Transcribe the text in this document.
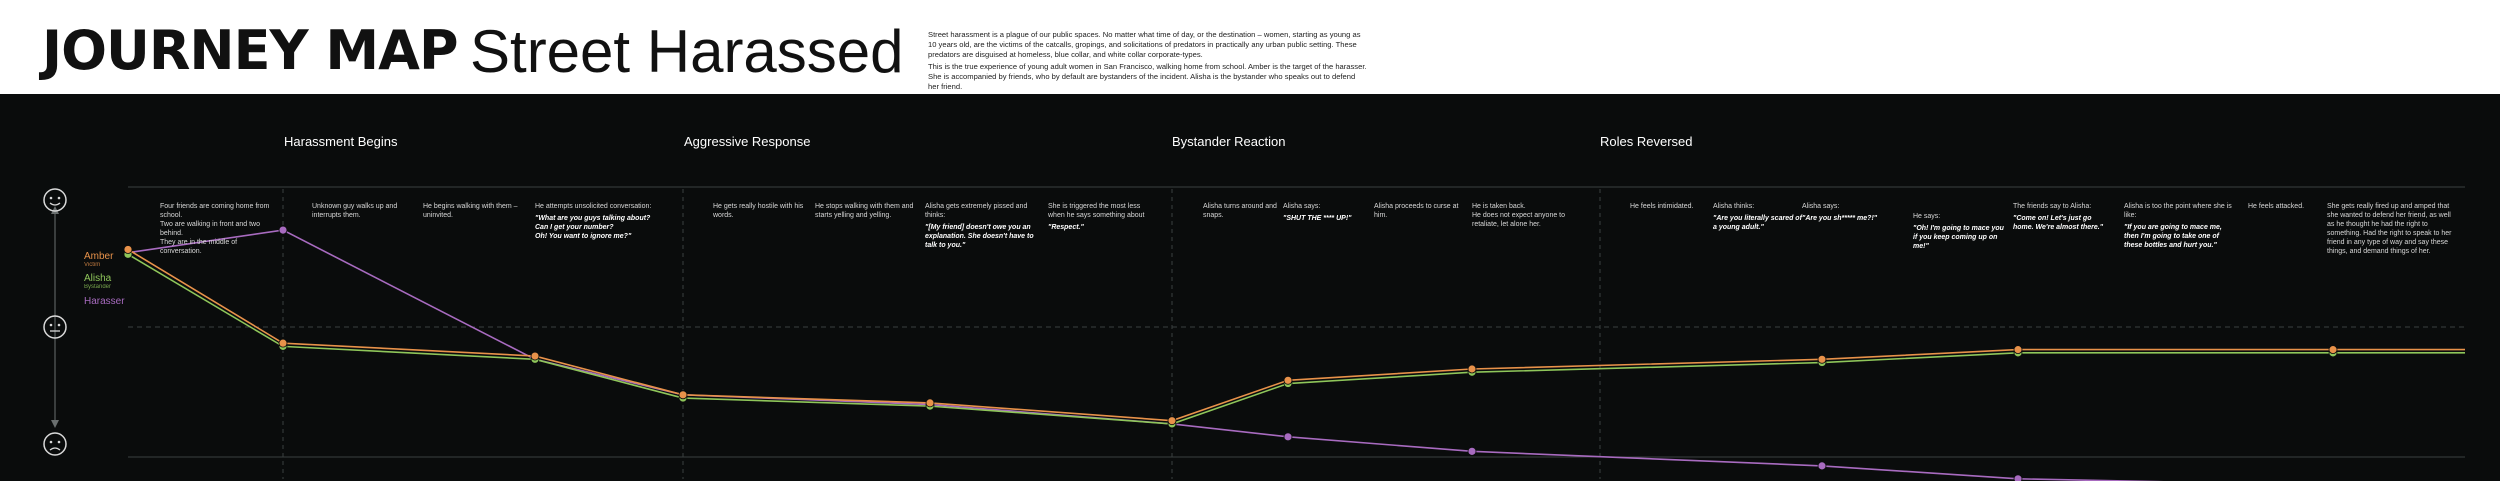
JOURNEY MAP Street Harassed	Street harassment is a plague of our public spaces. No matter what time of day, or the destination – women, starting as young as 10 years old, are the victims of the catcalls, gropings, and solicitations of predators in practically any urban public setting. These predators are disguised at homeless, blue collar, and white collar corporate-types.

This is the true experience of young adult women in San Francisco, walking home from school. Amber is the target of the harasser. She is accompanied by friends, who by default are bystanders of the incident. Alisha is the bystander who speaks out to defend her friend.

Harassment Begins	Aggressive Response	Bystander Reaction	Roles Reversed
Amber
Victim
Alisha
Bystander
Harasser
Four friends are coming home from school.
Two are walking in front and two behind.
They are in the middle of conversation.
Unknown guy walks up and interrupts them.
He begins walking with them – uninvited.
He attempts unsolicited conversation:
"What are you guys talking about?
Can I get your number?
Oh! You want to ignore me?"
He gets really hostile with his words.
He stops walking with them and starts yelling and yelling.
Alisha gets extremely pissed and thinks:
"[My friend] doesn't owe you an explanation. She doesn't have to talk to you."
She is triggered the most less when he says something about
"Respect."
Alisha turns around and snaps.
Alisha says:
"SHUT THE **** UP!"
Alisha proceeds to curse at him.
He is taken back.
He does not expect anyone to retaliate, let alone her.
He feels intimidated.	Alisha thinks:
"Are you literally scared of a young adult."
Alisha says:
"Are you sh***** me?!"	He says:
"Oh! I'm going to mace you if you keep coming up on me!"
The friends say to Alisha:
"Come on! Let's just go home. We're almost there."
Alisha is too the point where she is like:
"If you are going to mace me, then I'm going to take one of these bottles and hurt you."
He feels attacked.	She gets really fired up and amped that she wanted to defend her friend, as well as he thought he had the right to something. Had the right to speak to her friend in any type of way and say these things, and demand things of her.
